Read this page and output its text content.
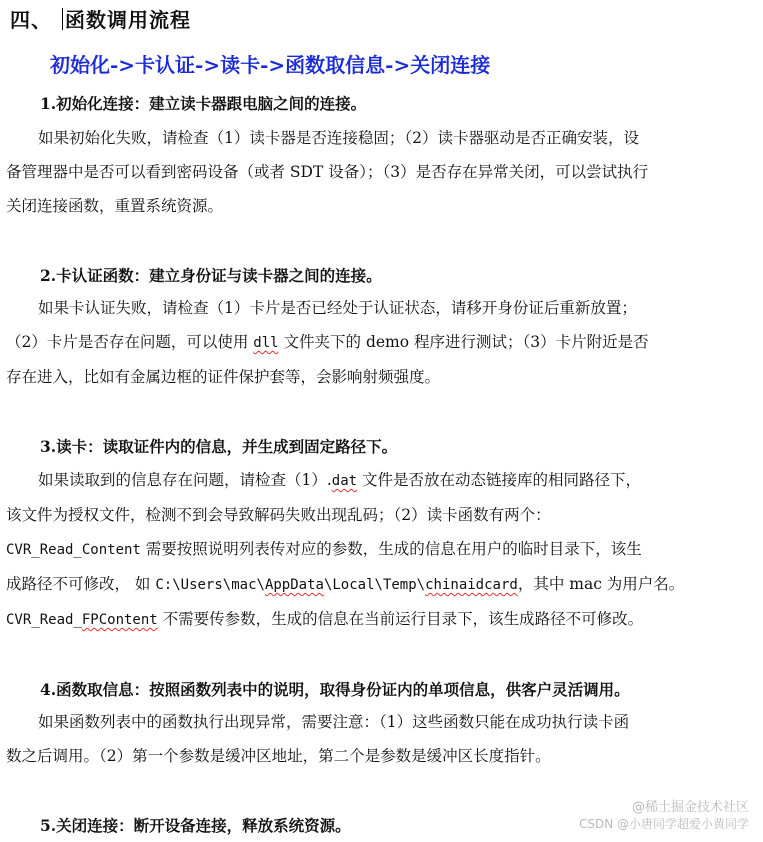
四、 函数调用流程
初始化->卡认证->读卡->函数取信息->关闭连接
1.初始化连接：建立读卡器跟电脑之间的连接。
如果初始化失败，请检查（1）读卡器是否连接稳固；（2）读卡器驱动是否正确安装，设
备管理器中是否可以看到密码设备（或者 SDT 设备）；（3）是否存在异常关闭，可以尝试执行
关闭连接函数，重置系统资源。
2.卡认证函数：建立身份证与读卡器之间的连接。
如果卡认证失败，请检查（1）卡片是否已经处于认证状态，请移开身份证后重新放置；
（2）卡片是否存在问题，可以使用 dll 文件夹下的 demo 程序进行测试；（3）卡片附近是否
存在进入，比如有金属边框的证件保护套等，会影响射频强度。
3.读卡：读取证件内的信息，并生成到固定路径下。
如果读取到的信息存在问题，请检查（1）.dat 文件是否放在动态链接库的相同路径下，
该文件为授权文件，检测不到会导致解码失败出现乱码；（2）读卡函数有两个：
CVR_Read_Content 需要按照说明列表传对应的参数，生成的信息在用户的临时目录下，该生
成路径不可修改， 如 C:\Users\mac\AppData\Local\Temp\chinaidcard，其中 mac 为用户名。
CVR_Read_FPContent 不需要传参数，生成的信息在当前运行目录下，该生成路径不可修改。
4.函数取信息：按照函数列表中的说明，取得身份证内的单项信息，供客户灵活调用。
如果函数列表中的函数执行出现异常，需要注意：（1）这些函数只能在成功执行读卡函
数之后调用。（2）第一个参数是缓冲区地址，第二个是参数是缓冲区长度指针。
5.关闭连接：断开设备连接，释放系统资源。
@稀土掘金技术社区
CSDN @小唐同学超爱小黄同学
